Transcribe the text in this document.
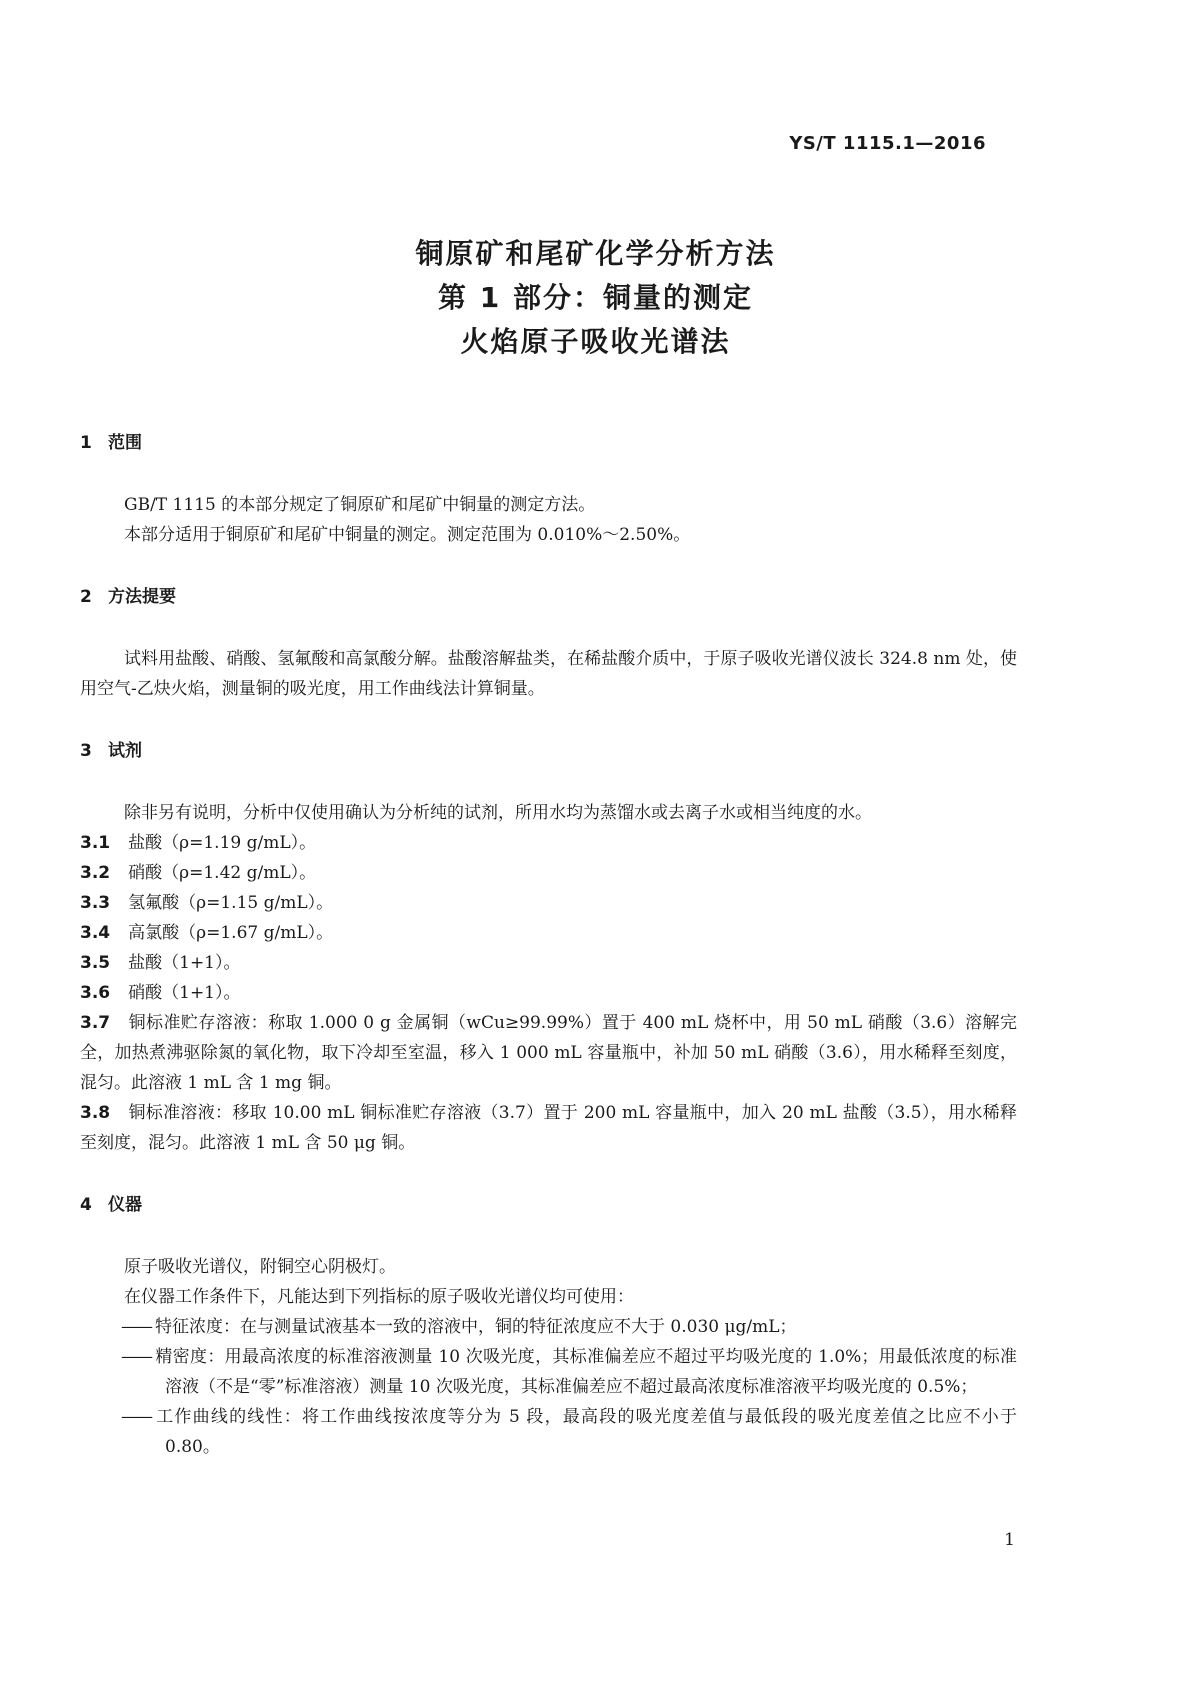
YS/T 1115.1—2016
铜原矿和尾矿化学分析方法
第 1 部分：铜量的测定
火焰原子吸收光谱法
1 范围

GB/T 1115 的本部分规定了铜原矿和尾矿中铜量的测定方法。

本部分适用于铜原矿和尾矿中铜量的测定。测定范围为 0.010%～2.50%。

2 方法提要

试料用盐酸、硝酸、氢氟酸和高氯酸分解。盐酸溶解盐类，在稀盐酸介质中，于原子吸收光谱仪波长 324.8 nm 处，使用空气-乙炔火焰，测量铜的吸光度，用工作曲线法计算铜量。

3 试剂

除非另有说明，分析中仅使用确认为分析纯的试剂，所用水均为蒸馏水或去离子水或相当纯度的水。

3.1 盐酸（ρ=1.19 g/mL）。

3.2 硝酸（ρ=1.42 g/mL）。

3.3 氢氟酸（ρ=1.15 g/mL）。

3.4 高氯酸（ρ=1.67 g/mL）。

3.5 盐酸（1+1）。

3.6 硝酸（1+1）。

3.7 铜标准贮存溶液：称取 1.000 0 g 金属铜（wCu≥99.99%）置于 400 mL 烧杯中，用 50 mL 硝酸（3.6）溶解完全，加热煮沸驱除氮的氧化物，取下冷却至室温，移入 1 000 mL 容量瓶中，补加 50 mL 硝酸（3.6），用水稀释至刻度，混匀。此溶液 1 mL 含 1 mg 铜。

3.8 铜标准溶液：移取 10.00 mL 铜标准贮存溶液（3.7）置于 200 mL 容量瓶中，加入 20 mL 盐酸（3.5），用水稀释至刻度，混匀。此溶液 1 mL 含 50 μg 铜。

4 仪器

原子吸收光谱仪，附铜空心阴极灯。

在仪器工作条件下，凡能达到下列指标的原子吸收光谱仪均可使用：

—— 特征浓度：在与测量试液基本一致的溶液中，铜的特征浓度应不大于 0.030 μg/mL；

—— 精密度：用最高浓度的标准溶液测量 10 次吸光度，其标准偏差应不超过平均吸光度的 1.0%；用最低浓度的标准溶液（不是“零”标准溶液）测量 10 次吸光度，其标准偏差应不超过最高浓度标准溶液平均吸光度的 0.5%；

—— 工作曲线的线性：将工作曲线按浓度等分为 5 段，最高段的吸光度差值与最低段的吸光度差值之比应不小于 0.80。

1
